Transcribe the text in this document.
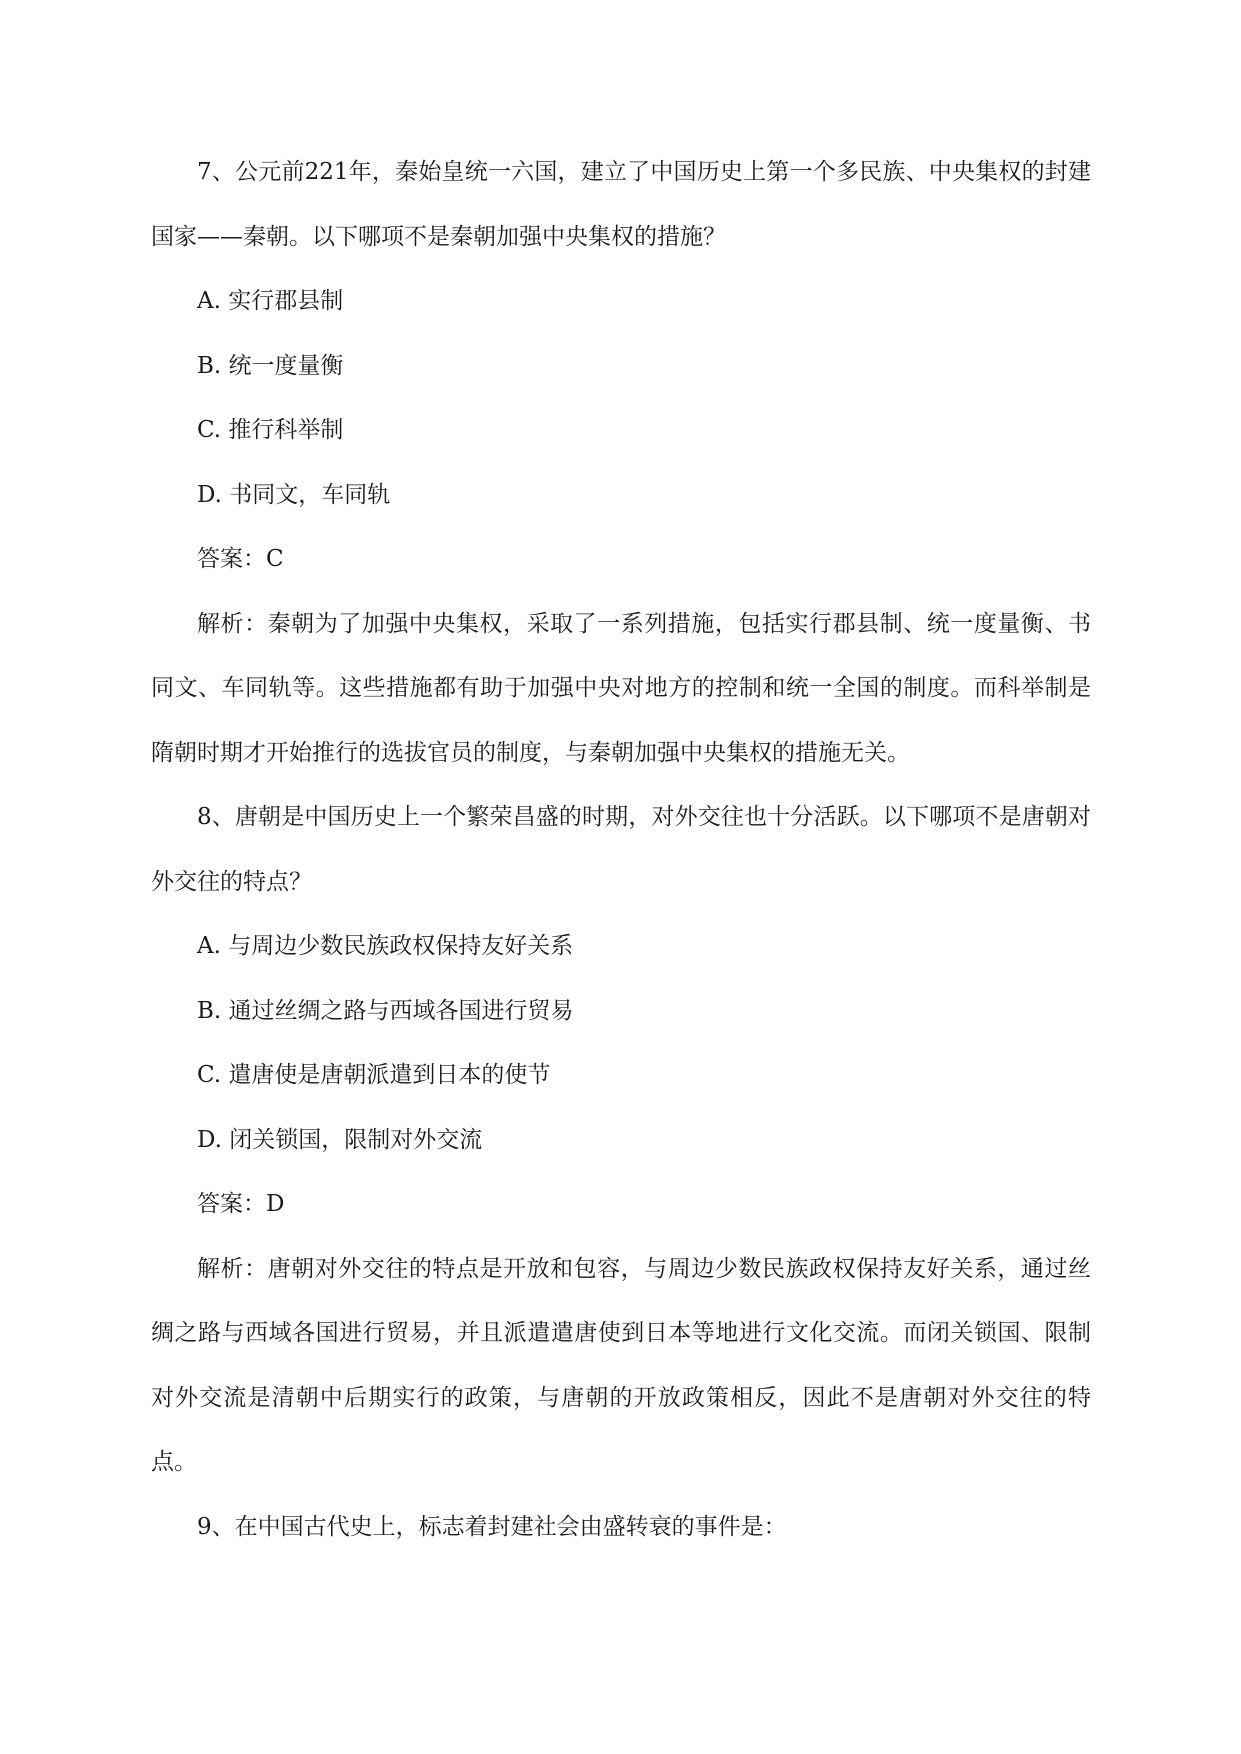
7、公元前221年，秦始皇统一六国，建立了中国历史上第一个多民族、中央集权的封建国家——秦朝。以下哪项不是秦朝加强中央集权的措施？

A. 实行郡县制

B. 统一度量衡

C. 推行科举制

D. 书同文，车同轨

答案：C

解析：秦朝为了加强中央集权，采取了一系列措施，包括实行郡县制、统一度量衡、书同文、车同轨等。这些措施都有助于加强中央对地方的控制和统一全国的制度。而科举制是隋朝时期才开始推行的选拔官员的制度，与秦朝加强中央集权的措施无关。

8、唐朝是中国历史上一个繁荣昌盛的时期，对外交往也十分活跃。以下哪项不是唐朝对外交往的特点？

A. 与周边少数民族政权保持友好关系

B. 通过丝绸之路与西域各国进行贸易

C. 遣唐使是唐朝派遣到日本的使节

D. 闭关锁国，限制对外交流

答案：D

解析：唐朝对外交往的特点是开放和包容，与周边少数民族政权保持友好关系，通过丝绸之路与西域各国进行贸易，并且派遣遣唐使到日本等地进行文化交流。而闭关锁国、限制对外交流是清朝中后期实行的政策，与唐朝的开放政策相反，因此不是唐朝对外交往的特点。

9、在中国古代史上，标志着封建社会由盛转衰的事件是：
